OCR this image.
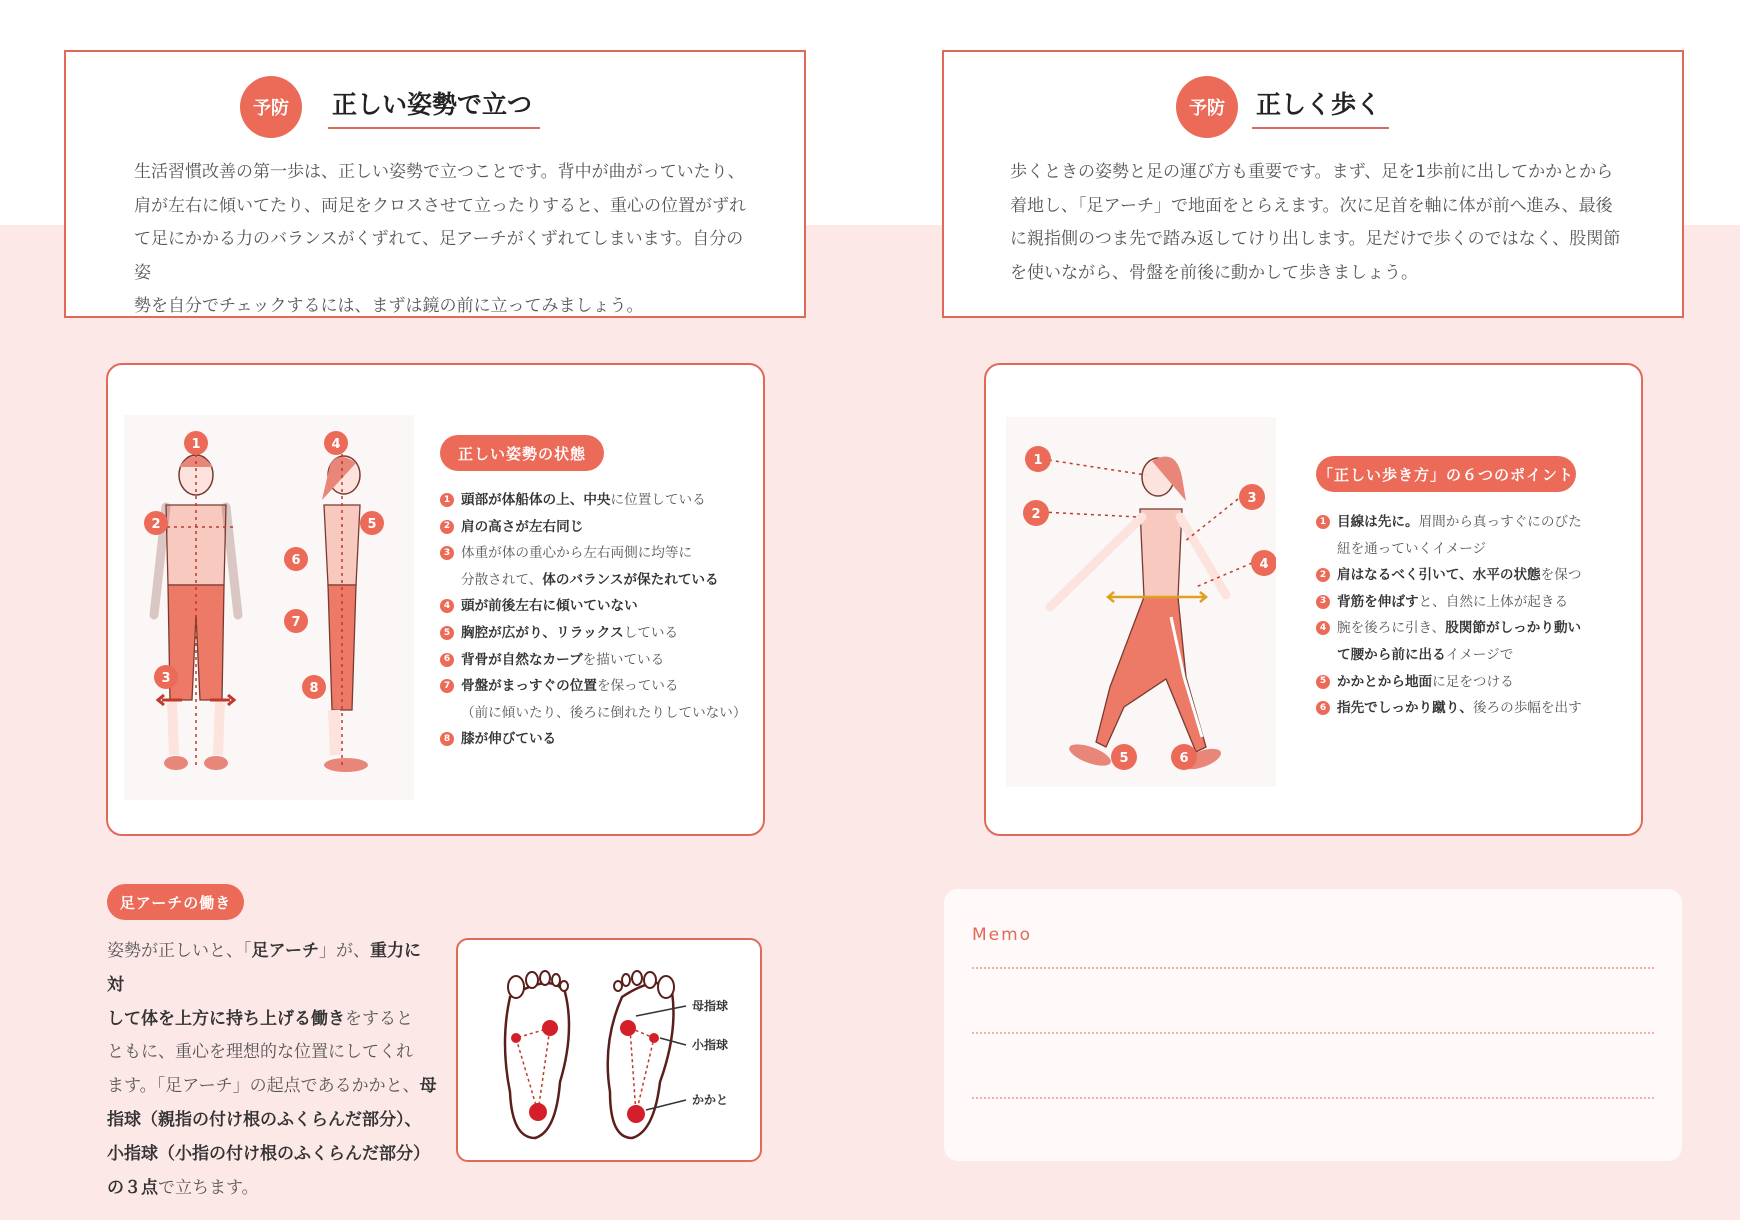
予防	正しい姿勢で立つ
生活習慣改善の第一歩は、正しい姿勢で立つことです。背中が曲がっていたり、
肩が左右に傾いてたり、両足をクロスさせて立ったりすると、重心の位置がずれ
て足にかかる力のバランスがくずれて、足アーチがくずれてしまいます。自分の姿
勢を自分でチェックするには、まずは鏡の前に立ってみましょう。
予防	正しく歩く
歩くときの姿勢と足の運び方も重要です。まず、足を1歩前に出してかかとから
着地し、「足アーチ」で地面をとらえます。次に足首を軸に体が前へ進み、最後
に親指側のつま先で踏み返してけり出します。足だけで歩くのではなく、股関節
を使いながら、骨盤を前後に動かして歩きましょう。
1
2
3
4
5
6
7
8
正しい姿勢の状態
1 頭部が体船体の上、中央に位置している
2 肩の高さが左右同じ
3 体重が体の重心から左右両側に均等に
分散されて、 体のバランスが保たれている
4 頭が前後左右に傾いていない
5 胸腔が広がり、リラックスしている
6 背骨が自然なカーブを描いている
7 骨盤がまっすぐの位置を保っている
（前に傾いたり、後ろに倒れたりしていない）
8 膝が伸びている
1
2
3
4
5	6
「正しい歩き方」の６つのポイント
1 目線は先に。眉間から真っすぐにのびた
紐を通っていくイメージ
2 肩はなるべく引いて、水平の状態を保つ
3 背筋を伸ばすと、自然に上体が起きる
4 腕を後ろに引き、股関節がしっかり動い
て腰から前に出るイメージで
5 かかとから地面に足をつける
6 指先でしっかり蹴り、後ろの歩幅を出す
足アーチの働き
姿勢が正しいと、「足アーチ」が、重力に対
して体を上方に持ち上げる働きをすると
ともに、重心を理想的な位置にしてくれ
ます。「足アーチ」の起点であるかかと、母
指球（親指の付け根のふくらんだ部分）、
小指球（小指の付け根のふくらんだ部分）
の３点で立ちます。
母指球
小指球
かかと
Memo
